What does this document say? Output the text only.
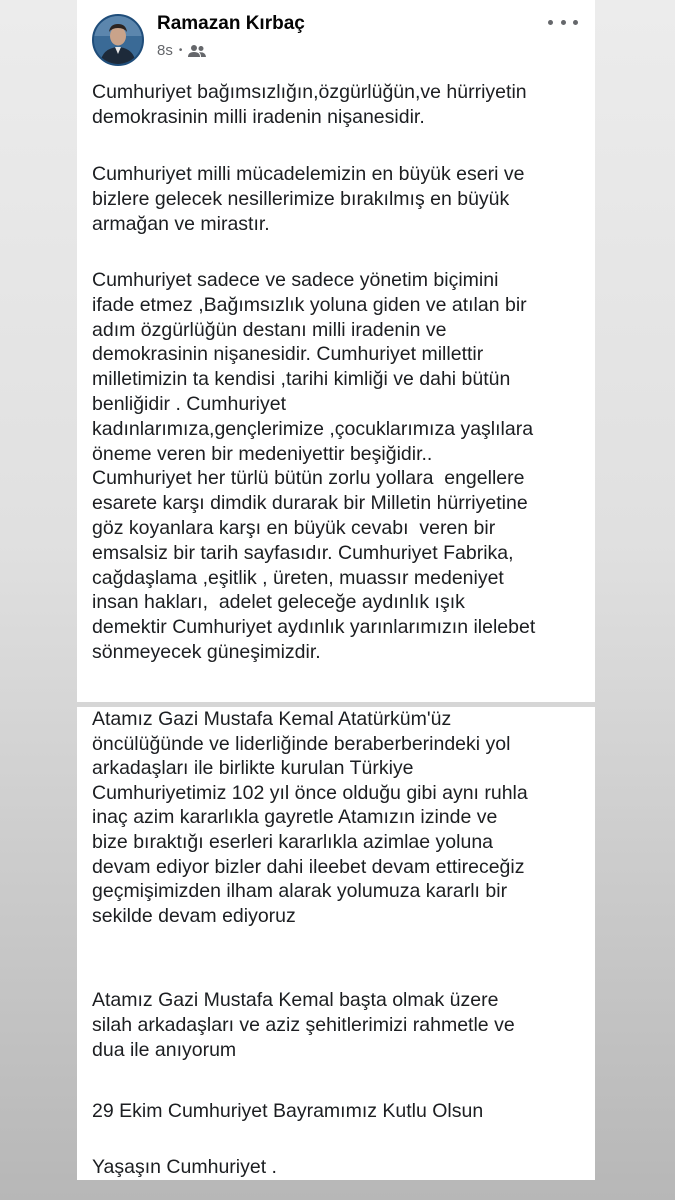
Ramazan Kırbaç
8s •

Cumhuriyet bağımsızlığın,özgürlüğün,ve hürriyetin
demokrasinin milli iradenin nişanesidir.

Cumhuriyet milli mücadelemizin en büyük eseri ve
bizlere gelecek nesillerimize bırakılmış en büyük
armağan ve mirastır.

Cumhuriyet sadece ve sadece yönetim biçimini
ifade etmez ,Bağımsızlık yoluna giden ve atılan bir
adım özgürlüğün destanı milli iradenin ve
demokrasinin nişanesidir. Cumhuriyet millettir
milletimizin ta kendisi ,tarihi kimliği ve dahi bütün
benliğidir . Cumhuriyet
kadınlarımıza,gençlerimize ,çocuklarımıza yaşlılara
öneme veren bir medeniyettir beşiğidir..
Cumhuriyet her türlü bütün zorlu yollara  engellere
esarete karşı dimdik durarak bir Milletin hürriyetine
göz koyanlara karşı en büyük cevabı  veren bir
emsalsiz bir tarih sayfasıdır. Cumhuriyet Fabrika,
cağdaşlama ,eşitlik , üreten, muassır medeniyet
insan hakları,  adelet geleceğe aydınlık ışık
demektir Cumhuriyet aydınlık yarınlarımızın ilelebet
sönmeyecek güneşimizdir.

Atamız Gazi Mustafa Kemal Atatürküm'üz
öncülüğünde ve liderliğinde beraberberindeki yol
arkadaşları ile birlikte kurulan Türkiye
Cumhuriyetimiz 102 yıl önce olduğu gibi aynı ruhla
inaç azim kararlıkla gayretle Atamızın izinde ve
bize bıraktığı eserleri kararlıkla azimlae yoluna
devam ediyor bizler dahi ileebet devam ettireceğiz
geçmişimizden ilham alarak yolumuza kararlı bir
sekilde devam ediyoruz

Atamız Gazi Mustafa Kemal başta olmak üzere
silah arkadaşları ve aziz şehitlerimizi rahmetle ve
dua ile anıyorum

29 Ekim Cumhuriyet Bayramımız Kutlu Olsun

Yaşaşın Cumhuriyet .
